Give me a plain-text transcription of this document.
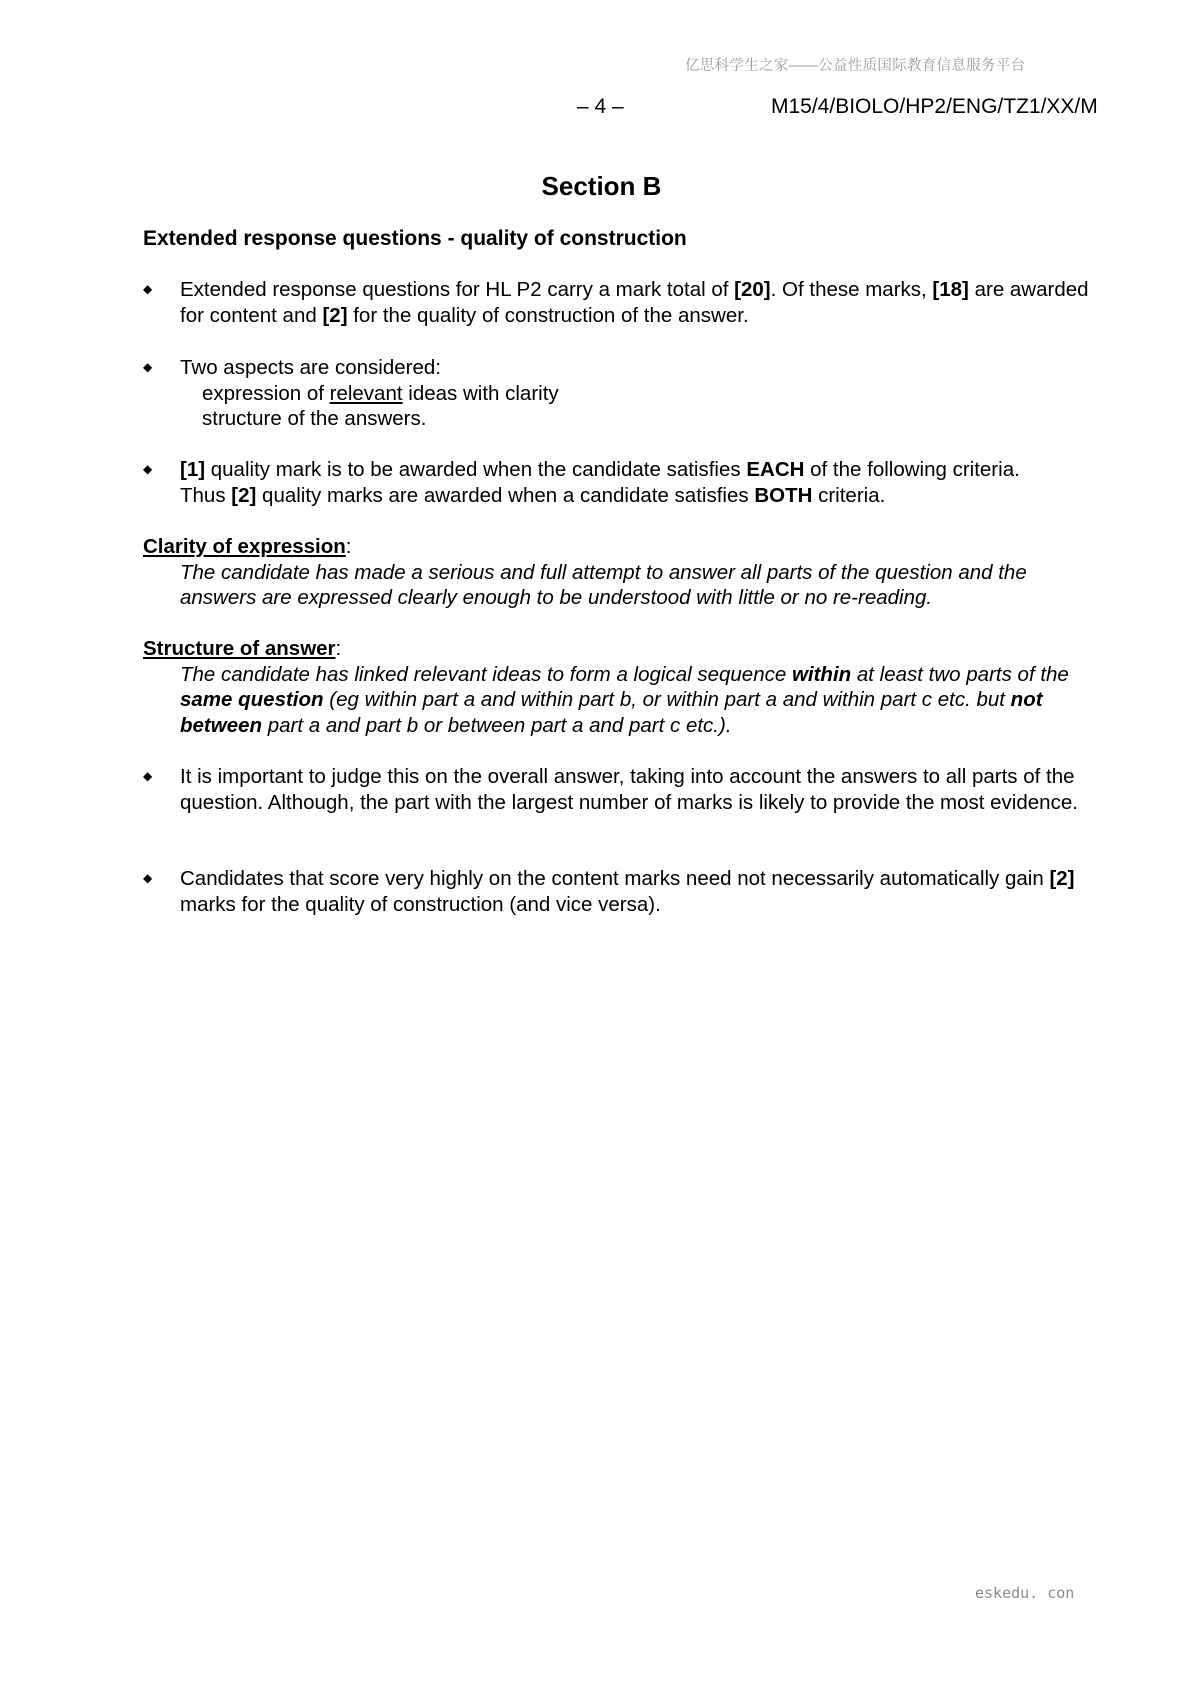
亿思科学生之家——公益性质国际教育信息服务平台
– 4 –	M15/4/BIOLO/HP2/ENG/TZ1/XX/M
Section B
Extended response questions - quality of construction
◆	Extended response questions for HL P2 carry a mark total of [20]. Of these marks, [18] are awarded for content and [2] for the quality of construction of the answer.
◆	Two aspects are considered:
expression of relevant ideas with clarity
structure of the answers.
◆	[1] quality mark is to be awarded when the candidate satisfies EACH of the following criteria.
Thus [2] quality marks are awarded when a candidate satisfies BOTH criteria.
Clarity of expression:
The candidate has made a serious and full attempt to answer all parts of the question and the answers are expressed clearly enough to be understood with little or no re-reading.
Structure of answer:
The candidate has linked relevant ideas to form a logical sequence within at least two parts of the same question (eg within part a and within part b, or within part a and within part c etc. but not between part a and part b or between part a and part c etc.).
◆	It is important to judge this on the overall answer, taking into account the answers to all parts of the question. Although, the part with the largest number of marks is likely to provide the most evidence.
◆	Candidates that score very highly on the content marks need not necessarily automatically gain [2] marks for the quality of construction (and vice versa).
eskedu. con
